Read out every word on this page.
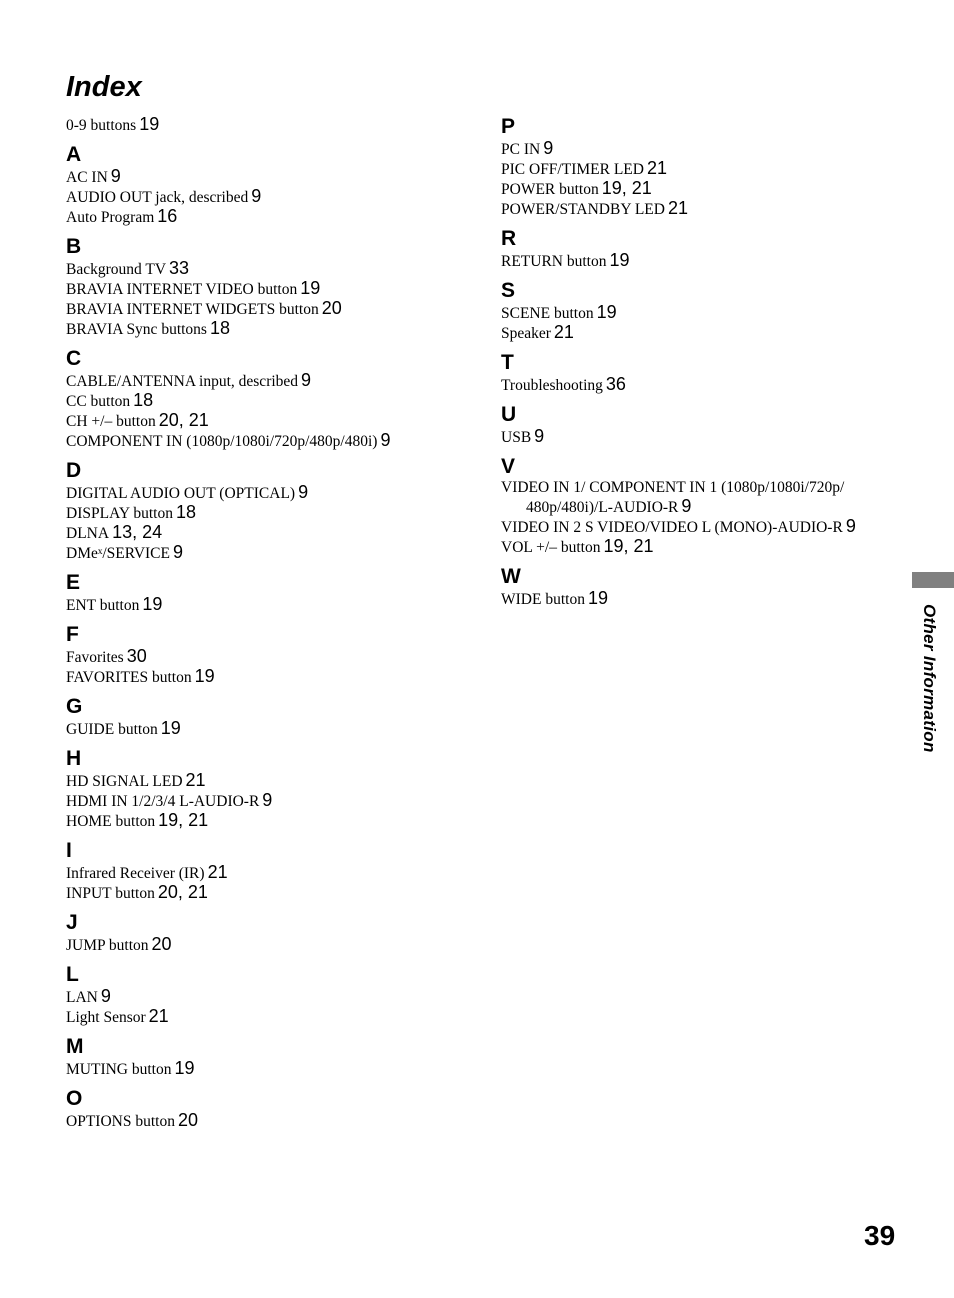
Index
0-9 buttons 19
A
AC IN 9
AUDIO OUT jack, described 9
Auto Program 16
B
Background TV 33
BRAVIA INTERNET VIDEO button 19
BRAVIA INTERNET WIDGETS button 20
BRAVIA Sync buttons 18
C
CABLE/ANTENNA input, described 9
CC button 18
CH +/– button 20, 21
COMPONENT IN (1080p/1080i/720p/480p/480i) 9
D
DIGITAL AUDIO OUT (OPTICAL) 9
DISPLAY button 18
DLNA 13, 24
DMeˣ/SERVICE 9
E
ENT button 19
F
Favorites 30
FAVORITES button 19
G
GUIDE button 19
H
HD SIGNAL LED 21
HDMI IN 1/2/3/4 L-AUDIO-R 9
HOME button 19, 21
I
Infrared Receiver (IR) 21
INPUT button 20, 21
J
JUMP button 20
L
LAN 9
Light Sensor 21
M
MUTING button 19
O
OPTIONS button 20
P
PC IN 9
PIC OFF/TIMER LED 21
POWER button 19, 21
POWER/STANDBY LED 21
R
RETURN button 19
S
SCENE button 19
Speaker 21
T
Troubleshooting 36
U
USB 9
V
VIDEO IN 1/ COMPONENT IN 1 (1080p/1080i/720p/ 480p/480i)/L-AUDIO-R 9
VIDEO IN 2 S VIDEO/VIDEO L (MONO)-AUDIO-R 9
VOL +/– button 19, 21
W
WIDE button 19
Other Information
39
